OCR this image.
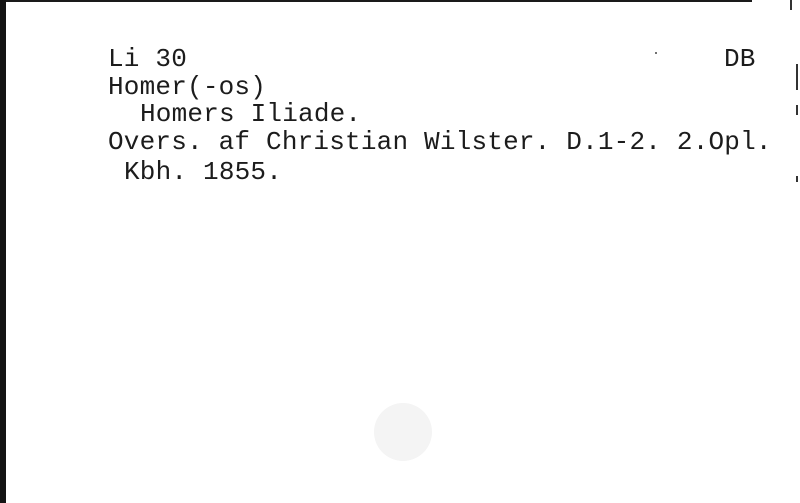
Li 30	DB
Homer(-os)
Homers Iliade.
Overs. af Christian Wilster. D.1-2. 2.Opl.
Kbh. 1855.
